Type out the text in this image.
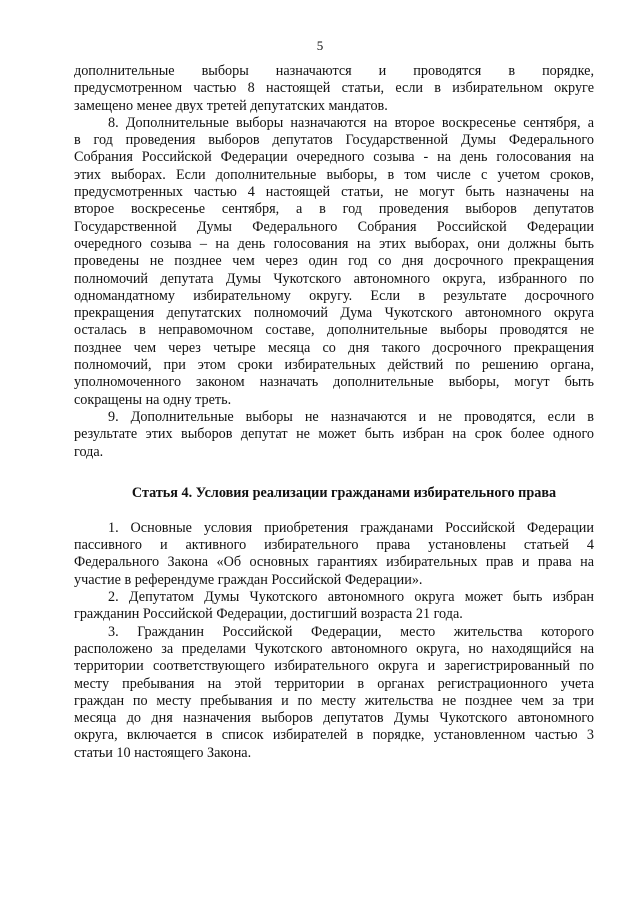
5
дополнительные выборы назначаются и проводятся в порядке,
предусмотренном частью 8 настоящей статьи, если в избирательном округе
замещено менее двух третей депутатских мандатов.
8. Дополнительные выборы назначаются на второе воскресенье сентября, а
в год проведения выборов депутатов Государственной Думы Федерального
Собрания Российской Федерации очередного созыва - на день голосования на
этих выборах. Если дополнительные выборы, в том числе с учетом сроков,
предусмотренных частью 4 настоящей статьи, не могут быть назначены на
второе воскресенье сентября, а в год проведения выборов депутатов
Государственной Думы Федерального Собрания Российской Федерации
очередного созыва – на день голосования на этих выборах, они должны быть
проведены не позднее чем через один год со дня досрочного прекращения
полномочий депутата Думы Чукотского автономного округа, избранного по
одномандатному избирательному округу. Если в результате досрочного
прекращения депутатских полномочий Дума Чукотского автономного округа
осталась в неправомочном составе, дополнительные выборы проводятся не
позднее чем через четыре месяца со дня такого досрочного прекращения
полномочий, при этом сроки избирательных действий по решению органа,
уполномоченного законом назначать дополнительные выборы, могут быть
сокращены на одну треть.
9. Дополнительные выборы не назначаются и не проводятся, если в
результате этих выборов депутат не может быть избран на срок более одного
года.
Статья 4. Условия реализации гражданами избирательного права
1. Основные условия приобретения гражданами Российской Федерации
пассивного и активного избирательного права установлены статьей 4
Федерального Закона «Об основных гарантиях избирательных прав и права на
участие в референдуме граждан Российской Федерации».
2. Депутатом Думы Чукотского автономного округа может быть избран
гражданин Российской Федерации, достигший возраста 21 года.
3. Гражданин Российской Федерации, место жительства которого
расположено за пределами Чукотского автономного округа, но находящийся на
территории соответствующего избирательного округа и зарегистрированный по
месту пребывания на этой территории в органах регистрационного учета
граждан по месту пребывания и по месту жительства не позднее чем за три
месяца до дня назначения выборов депутатов Думы Чукотского автономного
округа, включается в список избирателей в порядке, установленном частью 3
статьи 10 настоящего Закона.
